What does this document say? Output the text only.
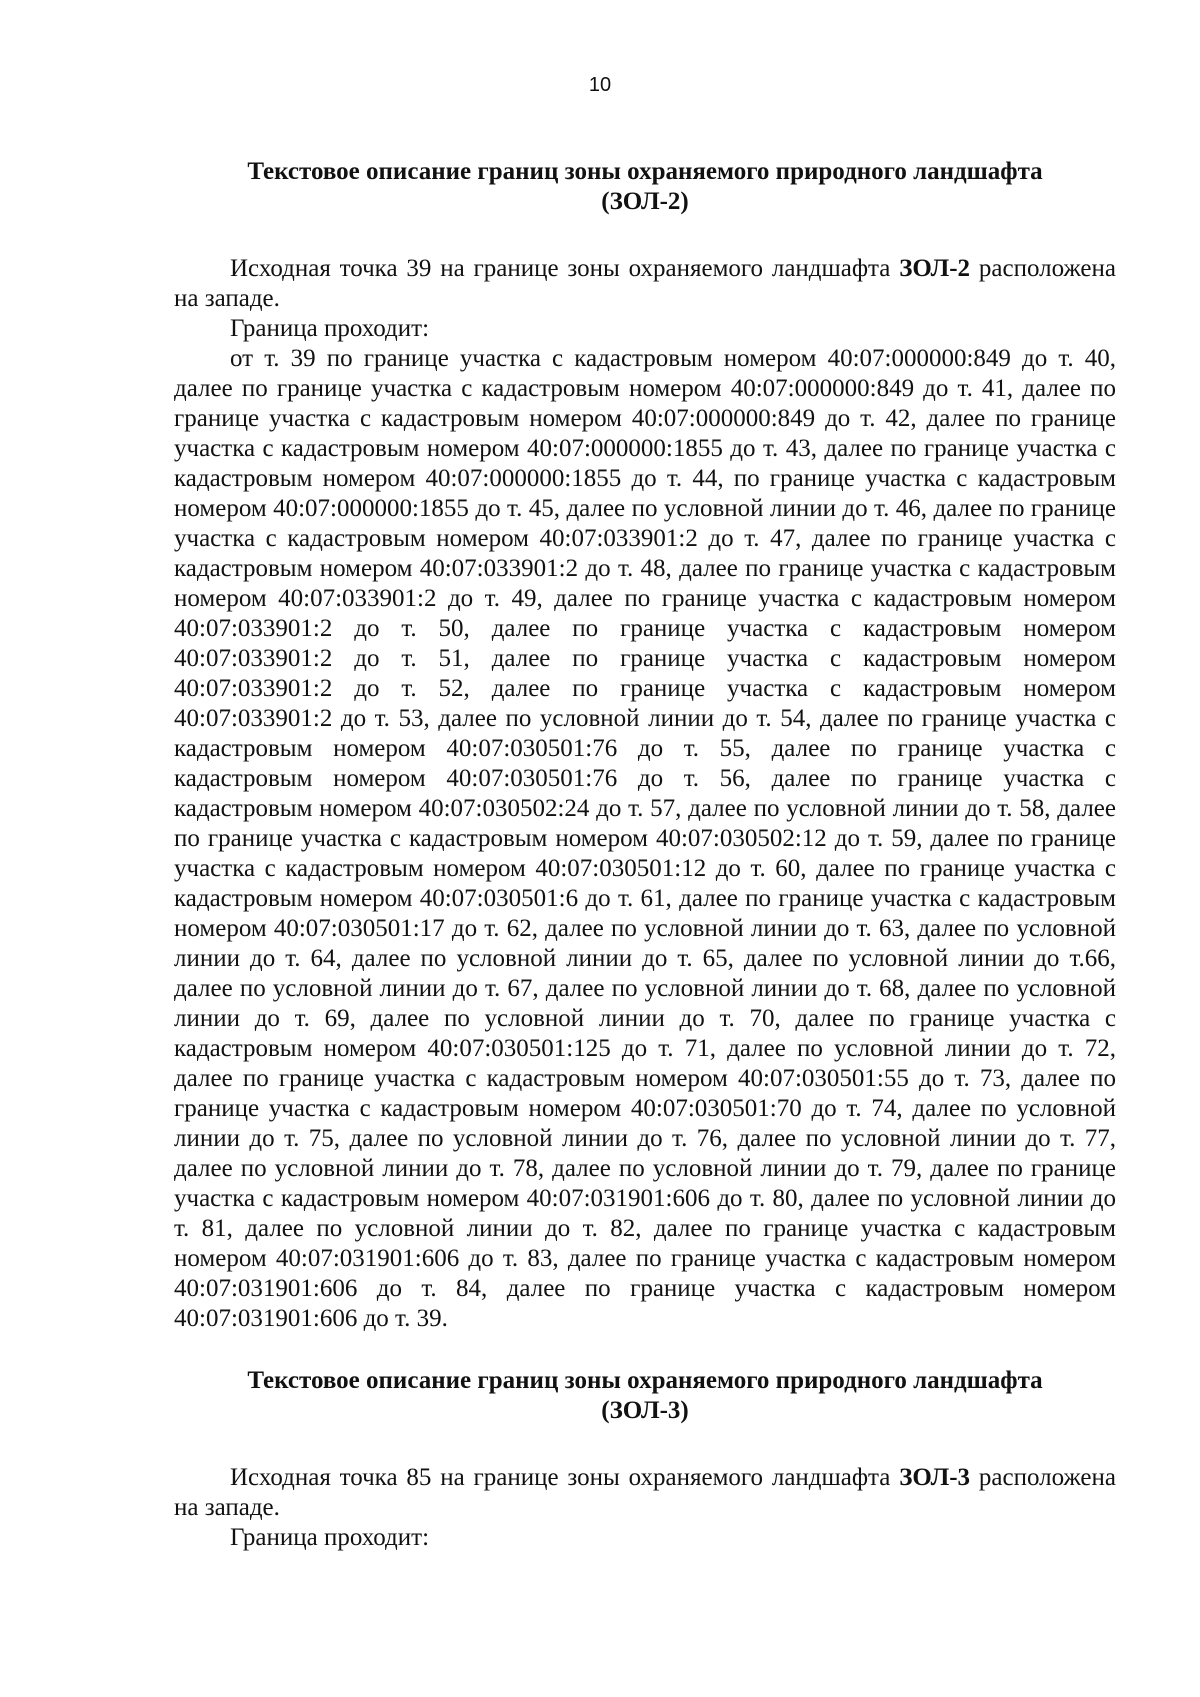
10

Текстовое описание границ зоны охраняемого природного ландшафта
(ЗОЛ-2)

Исходная точка 39 на границе зоны охраняемого ландшафта ЗОЛ-2 расположена на западе.

Граница проходит:

от т. 39 по границе участка с кадастровым номером 40:07:000000:849 до т. 40, далее по границе участка с кадастровым номером 40:07:000000:849 до т. 41, далее по границе участка с кадастровым номером 40:07:000000:849 до т. 42, далее по границе участка с кадастровым номером 40:07:000000:1855 до т. 43, далее по границе участка с кадастровым номером 40:07:000000:1855 до т. 44, по границе участка с кадастровым номером 40:07:000000:1855 до т. 45, далее по условной линии до т. 46, далее по границе участка с кадастровым номером 40:07:033901:2 до т. 47, далее по границе участка с кадастровым номером 40:07:033901:2 до т. 48, далее по границе участка с кадастровым номером 40:07:033901:2 до т. 49, далее по границе участка с кадастровым номером 40:07:033901:2 до т. 50, далее по границе участка с кадастровым номером 40:07:033901:2 до т. 51, далее по границе участка с кадастровым номером 40:07:033901:2 до т. 52, далее по границе участка с кадастровым номером 40:07:033901:2 до т. 53, далее по условной линии до т. 54, далее по границе участка с кадастровым номером 40:07:030501:76 до т. 55, далее по границе участка с кадастровым номером 40:07:030501:76 до т. 56, далее по границе участка с кадастровым номером 40:07:030502:24 до т. 57, далее по условной линии до т. 58, далее по границе участка с кадастровым номером 40:07:030502:12 до т. 59, далее по границе участка с кадастровым номером 40:07:030501:12 до т. 60, далее по границе участка с кадастровым номером 40:07:030501:6 до т. 61, далее по границе участка с кадастровым номером 40:07:030501:17 до т. 62, далее по условной линии до т. 63, далее по условной линии до т. 64, далее по условной линии до т. 65, далее по условной линии до т.66, далее по условной линии до т. 67, далее по условной линии до т. 68, далее по условной линии до т. 69, далее по условной линии до т. 70, далее по границе участка с кадастровым номером 40:07:030501:125 до т. 71, далее по условной линии до т. 72, далее по границе участка с кадастровым номером 40:07:030501:55 до т. 73, далее по границе участка с кадастровым номером 40:07:030501:70 до т. 74, далее по условной линии до т. 75, далее по условной линии до т. 76, далее по условной линии до т. 77, далее по условной линии до т. 78, далее по условной линии до т. 79, далее по границе участка с кадастровым номером 40:07:031901:606 до т. 80, далее по условной линии до т. 81, далее по условной линии до т. 82, далее по границе участка с кадастровым номером 40:07:031901:606 до т. 83, далее по границе участка с кадастровым номером 40:07:031901:606 до т. 84, далее по границе участка с кадастровым номером 40:07:031901:606 до т. 39.

Текстовое описание границ зоны охраняемого природного ландшафта
(ЗОЛ-3)

Исходная точка 85 на границе зоны охраняемого ландшафта ЗОЛ-3 расположена на западе.

Граница проходит:
